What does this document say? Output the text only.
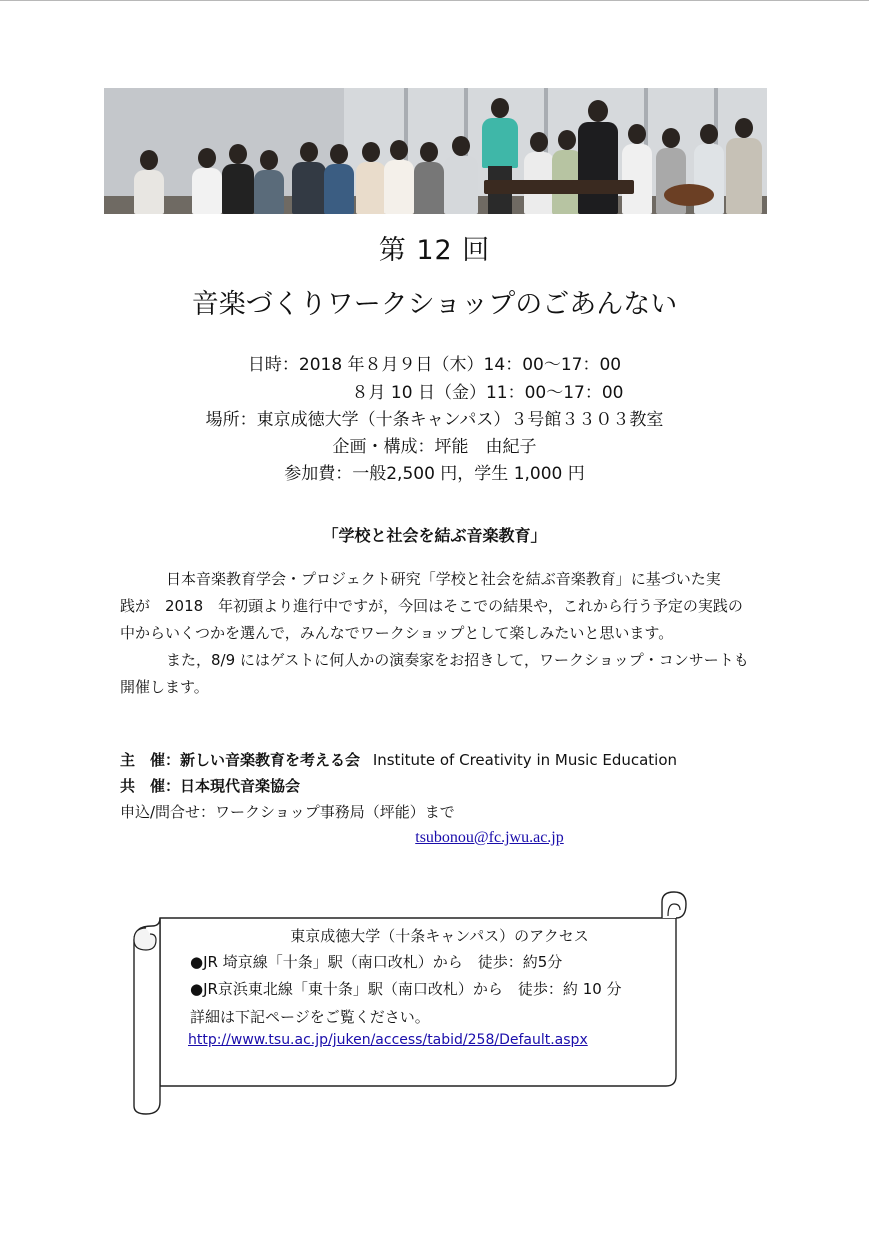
第 12 回
音楽づくりワークショップのごあんない
日時：2018 年８月９日（木）14：00～17：00
８月 10 日（金）11：00～17：00
場所：東京成徳大学（十条キャンパス）３号館３３０３教室
企画・構成：坪能　由紀子
参加費：一般2,500 円，学生 1,000 円
「学校と社会を結ぶ音楽教育」
日本音楽教育学会・プロジェクト研究「学校と社会を結ぶ音楽教育」に基づいた実
践が　2018　年初頭より進行中ですが，今回はそこでの結果や，これから行う予定の実践の
中からいくつかを選んで，みんなでワークショップとして楽しみたいと思います。
また，8/9 にはゲストに何人かの演奏家をお招きして，ワークショップ・コンサートも
開催します。
主　催：新しい音楽教育を考える会 Institute of Creativity in Music Education
共　催：日本現代音楽協会
申込/問合せ：ワークショップ事務局（坪能）まで
tsubonou@fc.jwu.ac.jp
東京成徳大学（十条キャンパス）のアクセス
●JR 埼京線「十条」駅（南口改札）から　徒歩：約5分
●JR京浜東北線「東十条」駅（南口改札）から　徒歩：約 10 分
詳細は下記ページをご覧ください。
http://www.tsu.ac.jp/juken/access/tabid/258/Default.aspx
